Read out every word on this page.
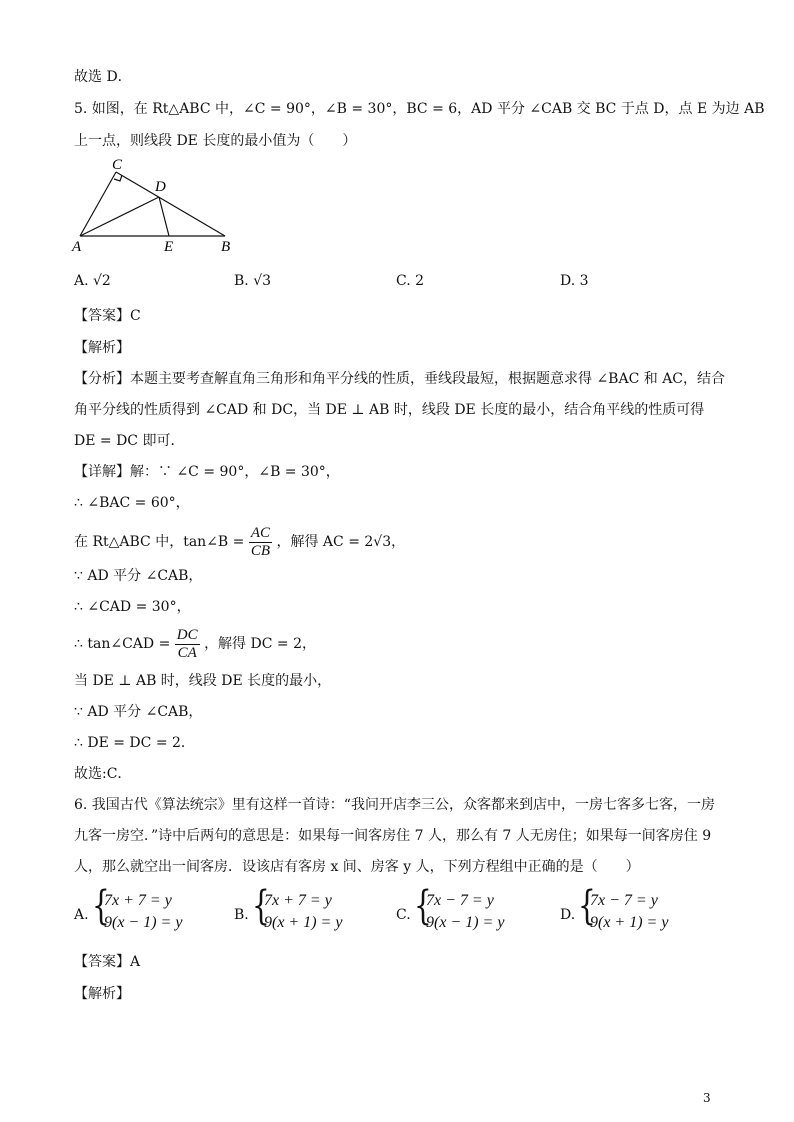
故选 D．
5. 如图，在 Rt△ABC 中，∠C = 90°，∠B = 30°，BC = 6，AD 平分 ∠CAB 交 BC 于点 D，点 E 为边 AB
上一点，则线段 DE 长度的最小值为（　　）
C
D
A	E	B
A. √2	B. √3	C. 2	D. 3
【答案】C
【解析】
【分析】本题主要考查解直角三角形和角平分线的性质，垂线段最短，根据题意求得 ∠BAC 和 AC，结合
角平分线的性质得到 ∠CAD 和 DC，当 DE ⊥ AB 时，线段 DE 长度的最小，结合角平线的性质可得
DE = DC 即可．
【详解】解：∵ ∠C = 90°，∠B = 30°，
∴ ∠BAC = 60°，
在 Rt△ABC 中，tan∠B = $\frac{AC}{CB}$ ，解得 AC = 2√3，
∵ AD 平分 ∠CAB，
∴ ∠CAD = 30°，
∴ tan∠CAD = $\frac{DC}{CA}$ ，解得 DC = 2，
当 DE ⊥ AB 时，线段 DE 长度的最小，
∵ AD 平分 ∠CAB，
∴ DE = DC = 2．
故选:C．
6. 我国古代《算法统宗》里有这样一首诗：“我问开店李三公，众客都来到店中，一房七客多七客，一房
九客一房空．”诗中后两句的意思是：如果每一间客房住 7 人，那么有 7 人无房住；如果每一间客房住 9
人，那么就空出一间客房．设该店有客房 x 间、房客 y 人，下列方程组中正确的是（　　）
A. {
7x + 7 = y
9(x − 1) = y	B. {
7x + 7 = y
9(x + 1) = y	C. {
7x − 7 = y
9(x − 1) = y	D. {
7x − 7 = y
9(x + 1) = y
【答案】A
【解析】
3
